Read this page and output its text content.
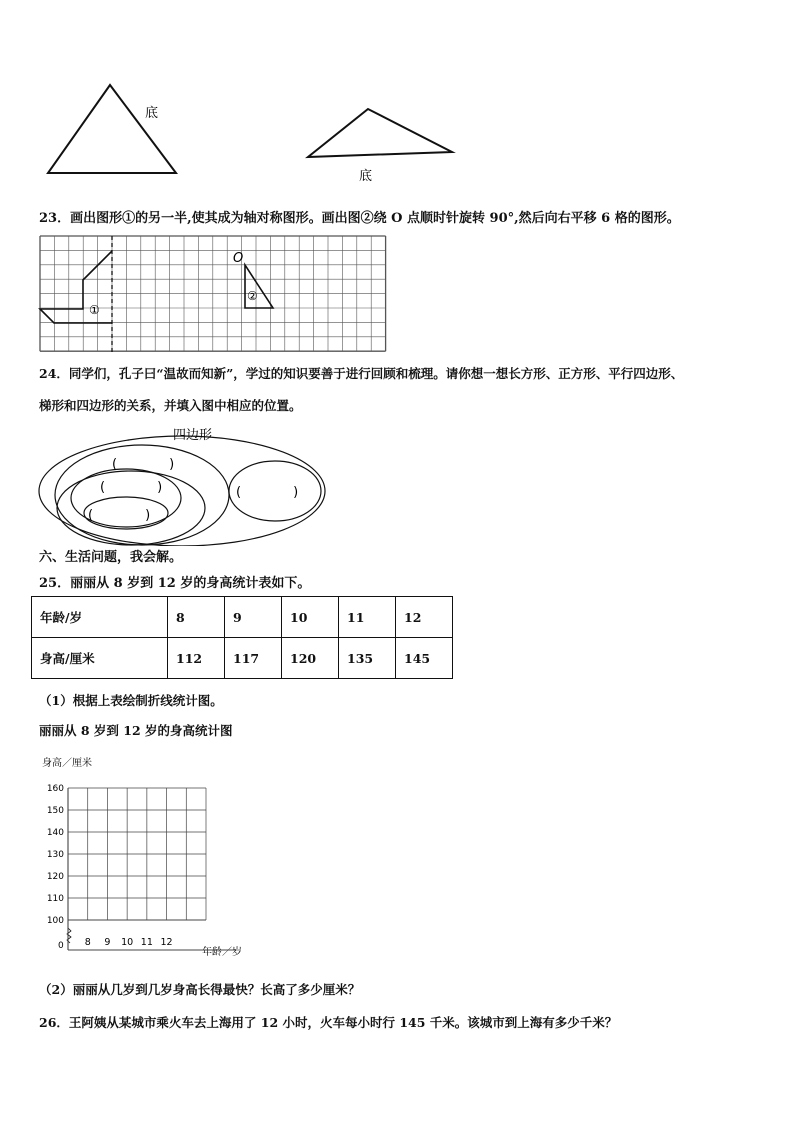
底
底
23．画出图形①的另一半,使其成为轴对称图形。画出图②绕 O 点顺时针旋转 90°,然后向右平移 6 格的图形。
①
②
O
24．同学们，孔子曰“温故而知新”，学过的知识要善于进行回顾和梳理。请你想一想长方形、正方形、平行四边形、
梯形和四边形的关系，并填入图中相应的位置。
四边形
(　　　　)
(　　　　)
(　　　　)
(　　　　)
六、生活问题，我会解。
25．丽丽从 8 岁到 12 岁的身高统计表如下。
年龄/岁	8	9	10	11	12
身高/厘米	112	117	120	135	145
（1）根据上表绘制折线统计图。
丽丽从 8 岁到 12 岁的身高统计图
身高／厘米
年龄／岁
0
100
110
120
130
140
150
160
8 9 10 11 12
（2）丽丽从几岁到几岁身高长得最快？长高了多少厘米？
26．王阿姨从某城市乘火车去上海用了 12 小时，火车每小时行 145 千米。该城市到上海有多少千米？
